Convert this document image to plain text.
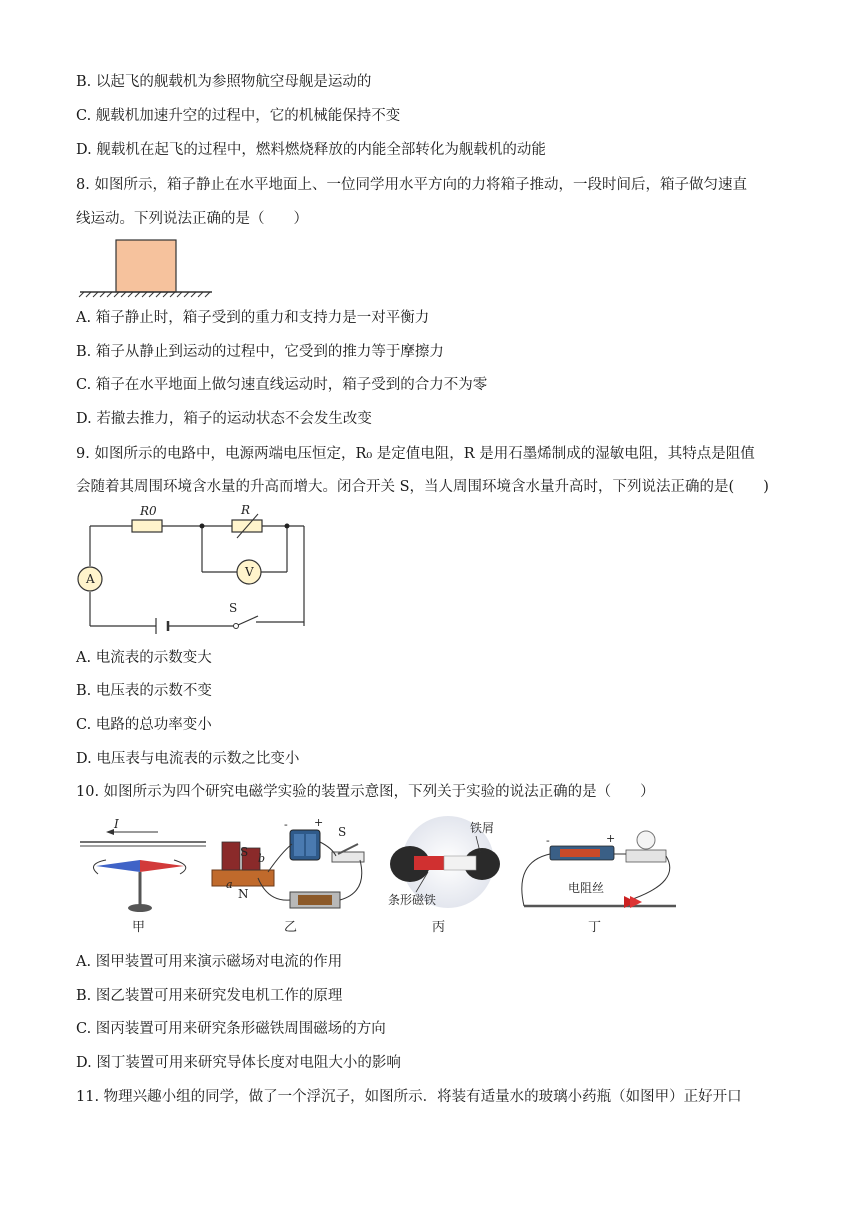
B. 以起飞的舰载机为参照物航空母舰是运动的
C. 舰载机加速升空的过程中，它的机械能保持不变
D. 舰载机在起飞的过程中，燃料燃烧释放的内能全部转化为舰载机的动能
8. 如图所示，箱子静止在水平地面上、一位同学用水平方向的力将箱子推动，一段时间后，箱子做匀速直
线运动。下列说法正确的是（　　）
A. 箱子静止时，箱子受到的重力和支持力是一对平衡力
B. 箱子从静止到运动的过程中，它受到的推力等于摩擦力
C. 箱子在水平地面上做匀速直线运动时，箱子受到的合力不为零
D. 若撤去推力，箱子的运动状态不会发生改变
9. 如图所示的电路中，电源两端电压恒定，R₀ 是定值电阻，R 是用石墨烯制成的湿敏电阻，其特点是阻值
会随着其周围环境含水量的升高而增大。闭合开关 S，当人周围环境含水量升高时，下列说法正确的是(　　)
R0	R
A	V
S
A. 电流表的示数变大
B. 电压表的示数不变
C. 电路的总功率变小
D. 电压表与电流表的示数之比变小
10. 如图所示为四个研究电磁学实验的装置示意图，下列关于实验的说法正确的是（　　）
I
甲
S b
a
N
- +
S
乙
铁屑
条形磁铁
丙
-	+
电阻丝
丁
A. 图甲装置可用来演示磁场对电流的作用
B. 图乙装置可用来研究发电机工作的原理
C. 图丙装置可用来研究条形磁铁周围磁场的方向
D. 图丁装置可用来研究导体长度对电阻大小的影响
11. 物理兴趣小组的同学，做了一个浮沉子，如图所示．将装有适量水的玻璃小药瓶（如图甲）正好开口
